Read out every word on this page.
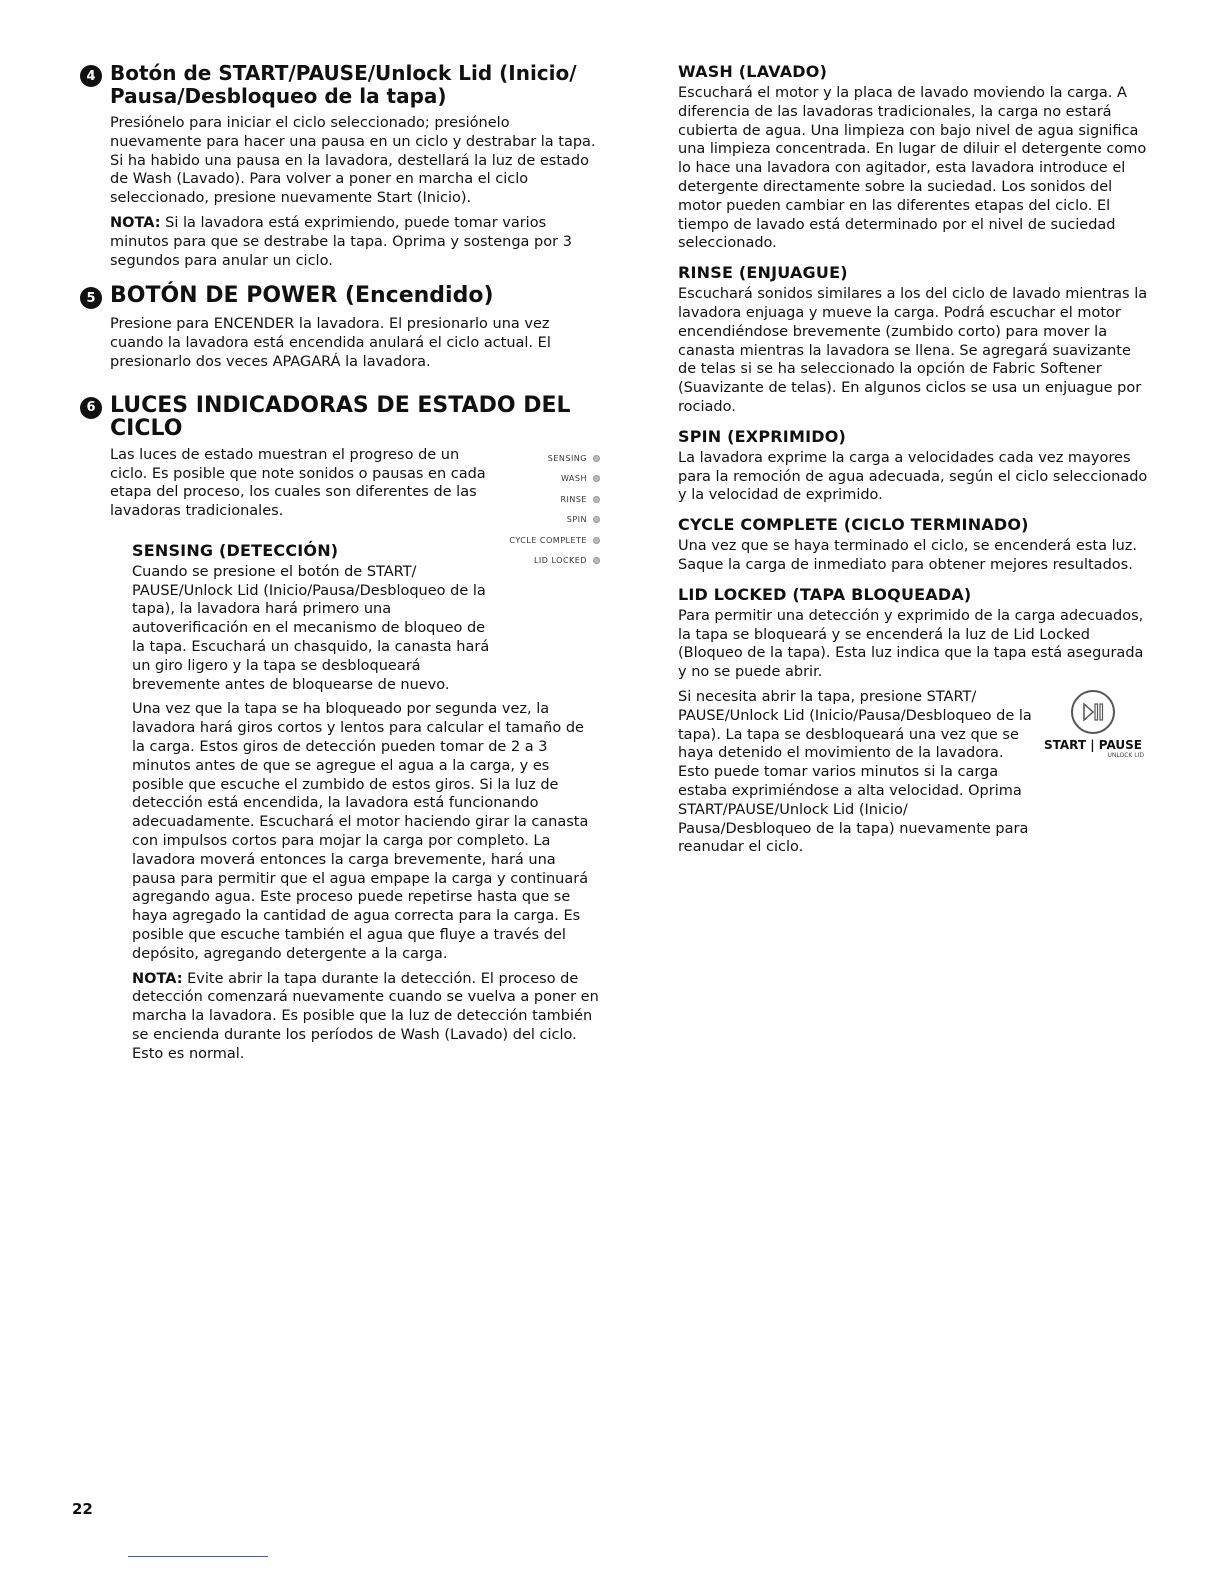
4 Botón de START/PAUSE/Unlock Lid (Inicio/ Pausa/Desbloqueo de la tapa)

Presiónelo para iniciar el ciclo seleccionado; presiónelo nuevamente para hacer una pausa en un ciclo y destrabar la tapa. Si ha habido una pausa en la lavadora, destellará la luz de estado de Wash (Lavado). Para volver a poner en marcha el ciclo seleccionado, presione nuevamente Start (Inicio).

NOTA: Si la lavadora está exprimiendo, puede tomar varios minutos para que se destrabe la tapa. Oprima y sostenga por 3 segundos para anular un ciclo.

5 BOTÓN DE POWER (Encendido)

Presione para ENCENDER la lavadora. El presionarlo una vez cuando la lavadora está encendida anulará el ciclo actual. El presionarlo dos veces APAGARÁ la lavadora.

6 LUCES INDICADORAS DE ESTADO DEL CICLO

Las luces de estado muestran el progreso de un ciclo. Es posible que note sonidos o pausas en cada etapa del proceso, los cuales son diferentes de las lavadoras tradicionales.

SENSING
WASH
RINSE
SPIN
CYCLE COMPLETE
LID LOCKED
SENSING (DETECCIÓN)

Cuando se presione el botón de START/ PAUSE/Unlock Lid (Inicio/Pausa/Desbloqueo de la tapa), la lavadora hará primero una autoverificación en el mecanismo de bloqueo de la tapa. Escuchará un chasquido, la canasta hará un giro ligero y la tapa se desbloqueará brevemente antes de bloquearse de nuevo.

Una vez que la tapa se ha bloqueado por segunda vez, la lavadora hará giros cortos y lentos para calcular el tamaño de la carga. Estos giros de detección pueden tomar de 2 a 3 minutos antes de que se agregue el agua a la carga, y es posible que escuche el zumbido de estos giros. Si la luz de detección está encendida, la lavadora está funcionando adecuadamente. Escuchará el motor haciendo girar la canasta con impulsos cortos para mojar la carga por completo. La lavadora moverá entonces la carga brevemente, hará una pausa para permitir que el agua empape la carga y continuará agregando agua. Este proceso puede repetirse hasta que se haya agregado la cantidad de agua correcta para la carga. Es posible que escuche también el agua que fluye a través del depósito, agregando detergente a la carga.

NOTA: Evite abrir la tapa durante la detección. El proceso de detección comenzará nuevamente cuando se vuelva a poner en marcha la lavadora. Es posible que la luz de detección también se encienda durante los períodos de Wash (Lavado) del ciclo. Esto es normal.

WASH (LAVADO)

Escuchará el motor y la placa de lavado moviendo la carga. A diferencia de las lavadoras tradicionales, la carga no estará cubierta de agua. Una limpieza con bajo nivel de agua significa una limpieza concentrada. En lugar de diluir el detergente como lo hace una lavadora con agitador, esta lavadora introduce el detergente directamente sobre la suciedad. Los sonidos del motor pueden cambiar en las diferentes etapas del ciclo. El tiempo de lavado está determinado por el nivel de suciedad seleccionado.

RINSE (ENJUAGUE)

Escuchará sonidos similares a los del ciclo de lavado mientras la lavadora enjuaga y mueve la carga. Podrá escuchar el motor encendiéndose brevemente (zumbido corto) para mover la canasta mientras la lavadora se llena. Se agregará suavizante de telas si se ha seleccionado la opción de Fabric Softener (Suavizante de telas). En algunos ciclos se usa un enjuague por rociado.

SPIN (EXPRIMIDO)

La lavadora exprime la carga a velocidades cada vez mayores para la remoción de agua adecuada, según el ciclo seleccionado y la velocidad de exprimido.

CYCLE COMPLETE (CICLO TERMINADO)

Una vez que se haya terminado el ciclo, se encenderá esta luz. Saque la carga de inmediato para obtener mejores resultados.

LID LOCKED (TAPA BLOQUEADA)

Para permitir una detección y exprimido de la carga adecuados, la tapa se bloqueará y se encenderá la luz de Lid Locked (Bloqueo de la tapa). Esta luz indica que la tapa está asegurada y no se puede abrir.

Si necesita abrir la tapa, presione START/ PAUSE/Unlock Lid (Inicio/Pausa/Desbloqueo de la tapa). La tapa se desbloqueará una vez que se haya detenido el movimiento de la lavadora. Esto puede tomar varios minutos si la carga estaba exprimiéndose a alta velocidad. Oprima START/PAUSE/Unlock Lid (Inicio/ Pausa/Desbloqueo de la tapa) nuevamente para reanudar el ciclo.

START | PAUSE
UNLOCK LID
22
